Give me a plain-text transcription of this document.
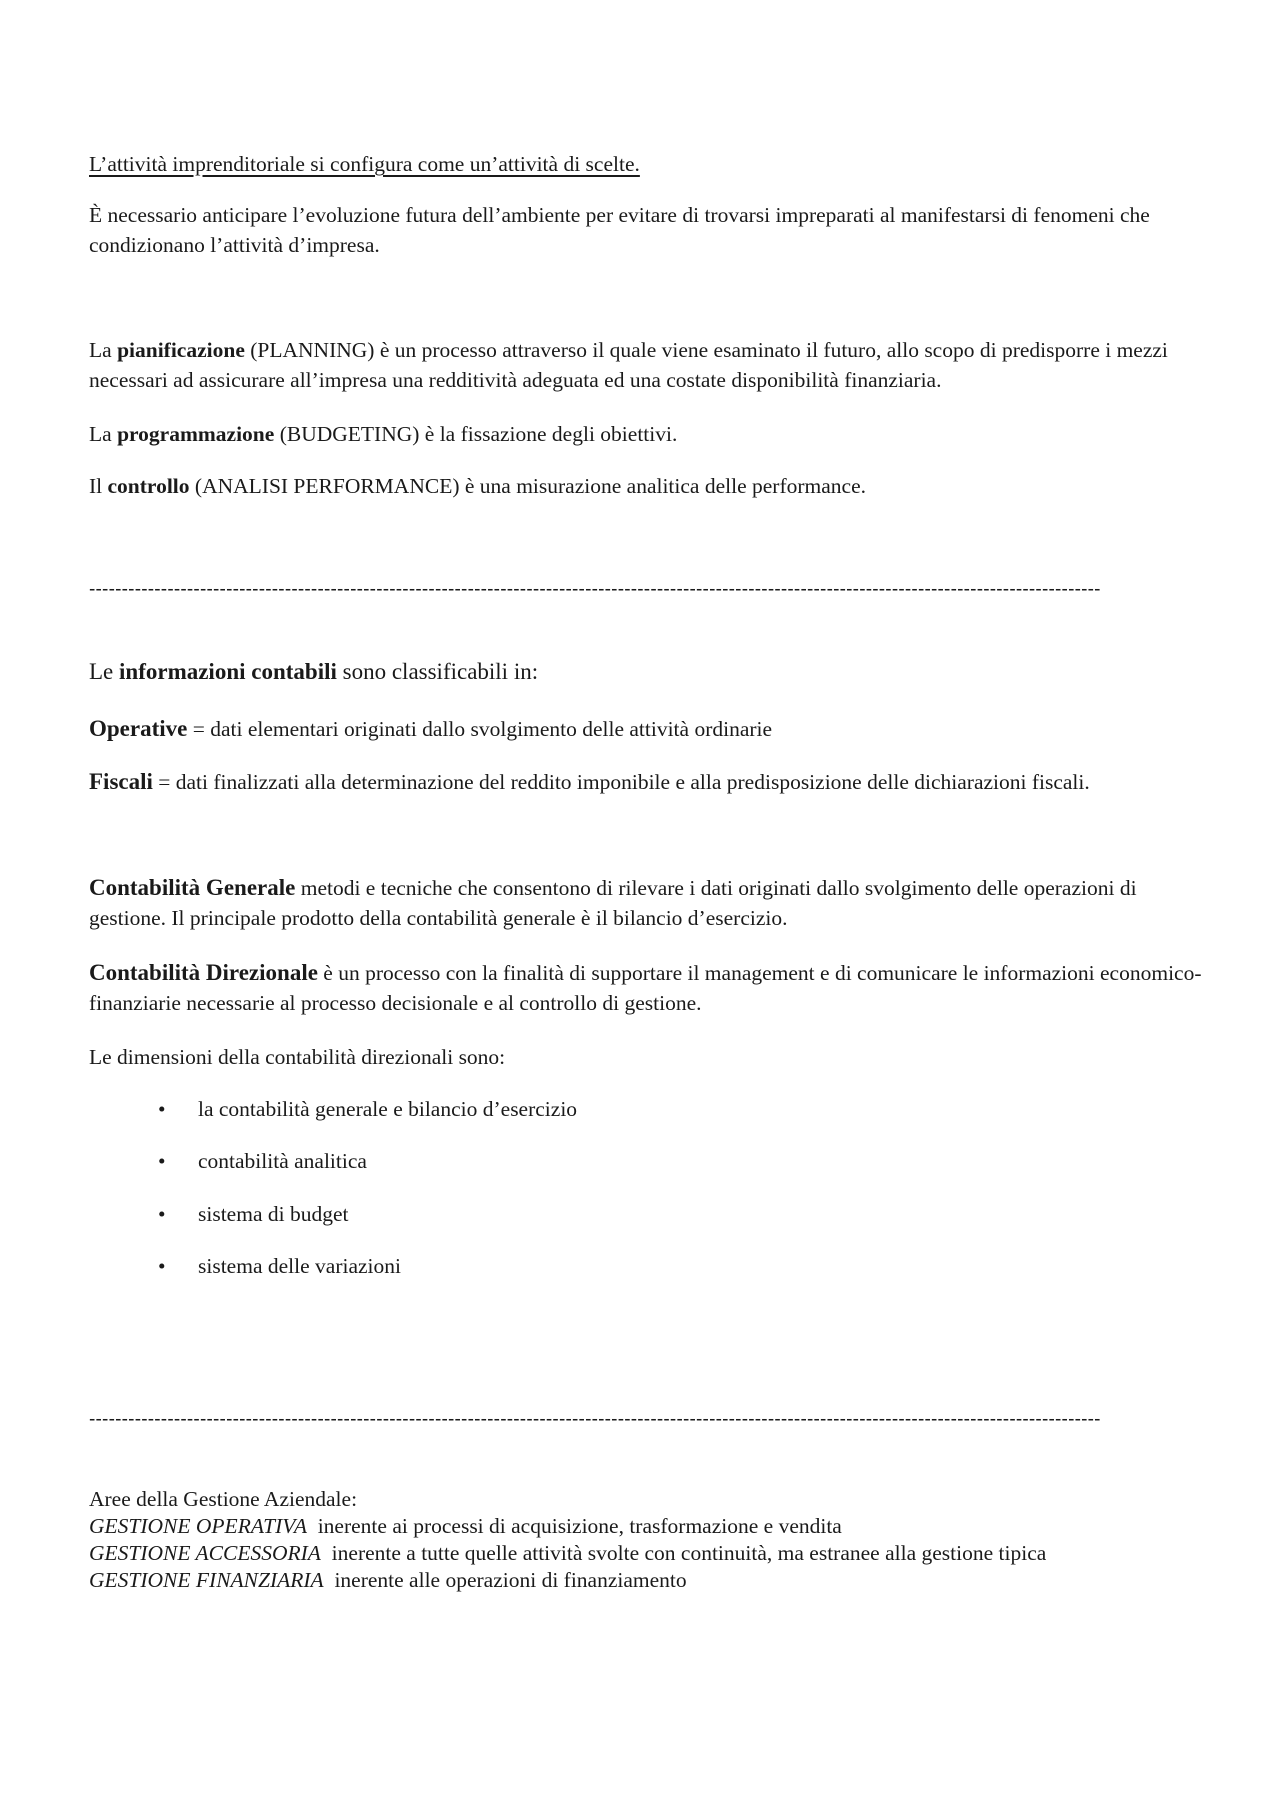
L’attività imprenditoriale si configura come un’attività di scelte.

È necessario anticipare l’evoluzione futura dell’ambiente per evitare di trovarsi impreparati al manifestarsi di fenomeni che condizionano l’attività d’impresa.

La pianificazione (PLANNING) è un processo attraverso il quale viene esaminato il futuro, allo scopo di predisporre i mezzi necessari ad assicurare all’impresa una redditività adeguata ed una costate disponibilità finanziaria.

La programmazione (BUDGETING) è la fissazione degli obiettivi.

Il controllo (ANALISI PERFORMANCE) è una misurazione analitica delle performance.

-----------------------------------------------------------------------------------------------------------------------------------------------------------

Le informazioni contabili sono classificabili in:

Operative = dati elementari originati dallo svolgimento delle attività ordinarie

Fiscali = dati finalizzati alla determinazione del reddito imponibile e alla predisposizione delle dichiarazioni fiscali.

Contabilità Generale metodi e tecniche che consentono di rilevare i dati originati dallo svolgimento delle operazioni di gestione. Il principale prodotto della contabilità generale è il bilancio d’esercizio.

Contabilità Direzionale è un processo con la finalità di supportare il management e di comunicare le informazioni economico-finanziarie necessarie al processo decisionale e al controllo di gestione.

Le dimensioni della contabilità direzionali sono:

• la contabilità generale e bilancio d’esercizio
• contabilità analitica
• sistema di budget
• sistema delle variazioni

-----------------------------------------------------------------------------------------------------------------------------------------------------------

Aree della Gestione Aziendale:
GESTIONE OPERATIVA  inerente ai processi di acquisizione, trasformazione e vendita
GESTIONE ACCESSORIA  inerente a tutte quelle attività svolte con continuità, ma estranee alla gestione tipica
GESTIONE FINANZIARIA  inerente alle operazioni di finanziamento
